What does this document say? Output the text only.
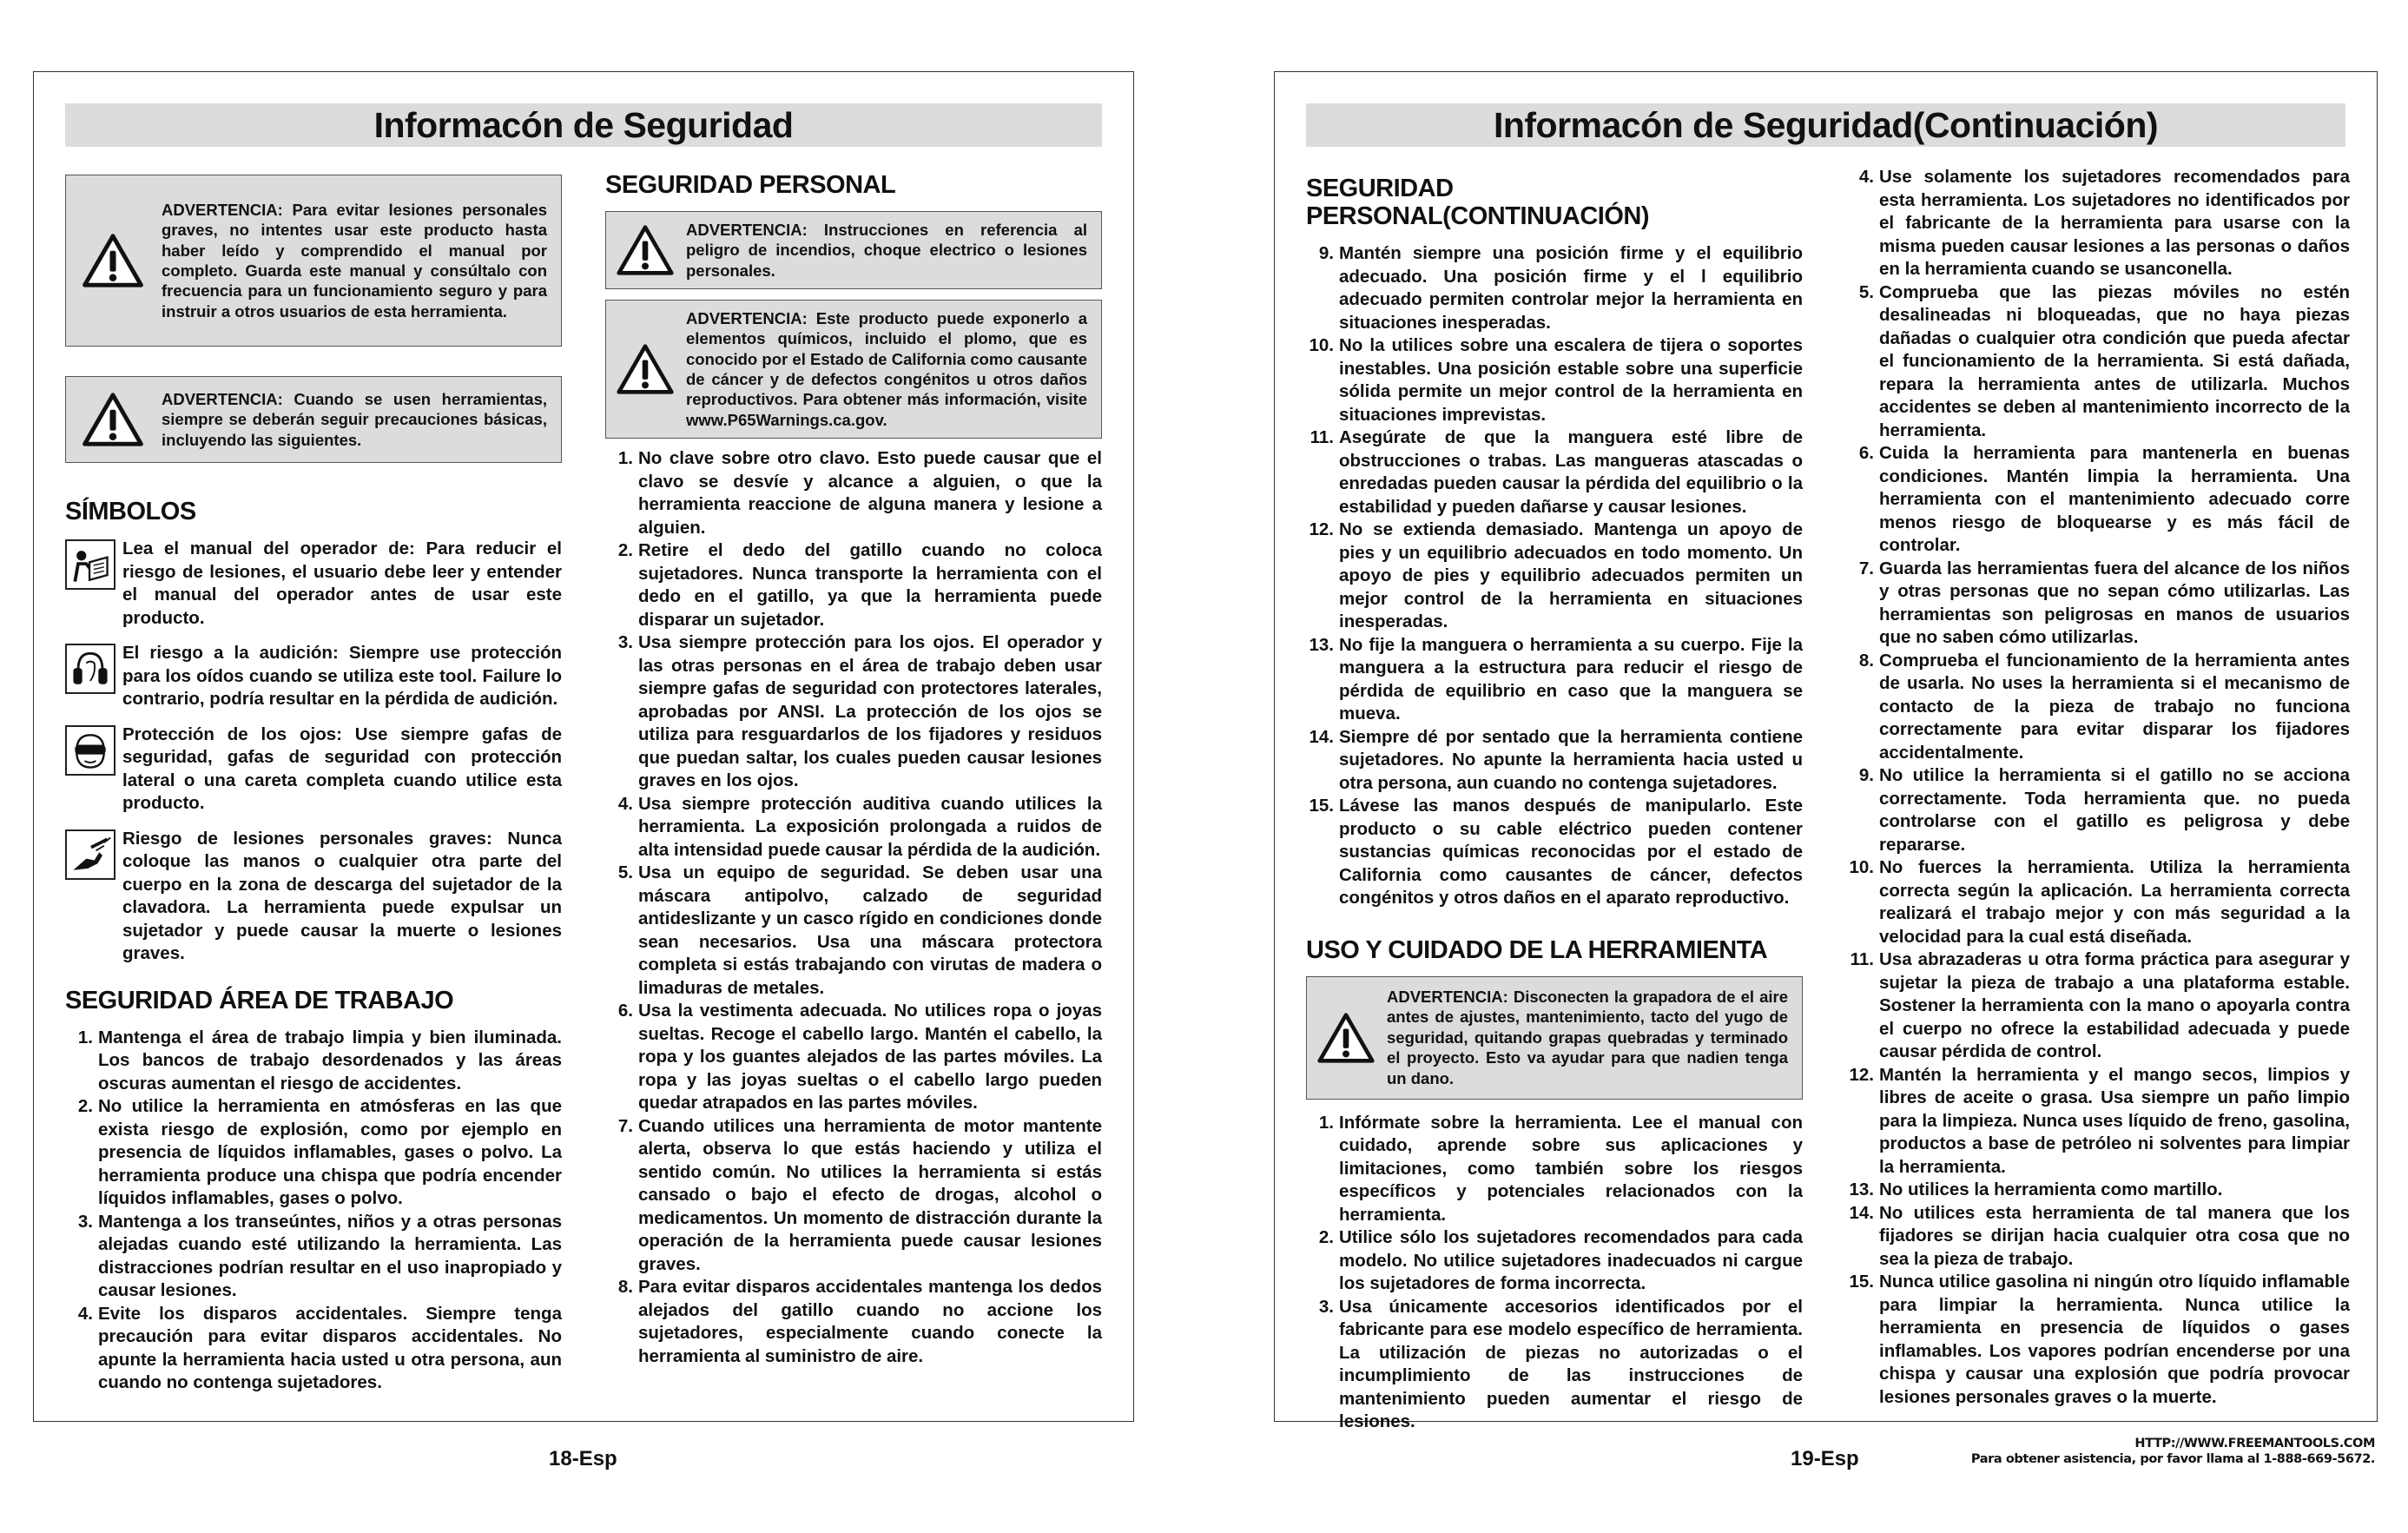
Informacón de Seguridad
ADVERTENCIA: Para evitar lesiones personales graves, no intentes usar este producto hasta haber leído y comprendido el manual por completo. Guarda este manual y consúltalo con frecuencia para un funcionamiento seguro y para instruir a otros usuarios de esta herramienta.
ADVERTENCIA: Cuando se usen herramientas, siempre se deberán seguir precauciones básicas, incluyendo las siguientes.
SÍMBOLOS
Lea el manual del operador de: Para reducir el riesgo de lesiones, el usuario debe leer y entender el manual del operador antes de usar este producto.
El riesgo a la audición: Siempre use protección para los oídos cuando se utiliza este tool. Failure lo contrario, podría resultar en la pérdida de audición.
Protección de los ojos: Use siempre gafas de seguridad, gafas de seguridad con protección lateral o una careta completa cuando utilice esta producto.
Riesgo de lesiones personales graves: Nunca coloque las manos o cualquier otra parte del cuerpo en la zona de descarga del sujetador de la clavadora. La herramienta puede expulsar un sujetador y puede causar la muerte o lesiones graves.
SEGURIDAD ÁREA DE TRABAJO
1. Mantenga el área de trabajo limpia y bien iluminada. Los bancos de trabajo desordenados y las áreas oscuras aumentan el riesgo de accidentes.
2. No utilice la herramienta en atmósferas en las que exista riesgo de explosión, como por ejemplo en presencia de líquidos inflamables, gases o polvo. La herramienta produce una chispa que podría encender líquidos inflamables, gases o polvo.
3. Mantenga a los transeúntes, niños y a otras personas alejadas cuando esté utilizando la herramienta. Las distracciones podrían resultar en el uso inapropiado y causar lesiones.
4. Evite los disparos accidentales. Siempre tenga precaución para evitar disparos accidentales. No apunte la herramienta hacia usted u otra persona, aun cuando no contenga sujetadores.
SEGURIDAD PERSONAL
ADVERTENCIA: Instrucciones en referencia al peligro de incendios, choque electrico o lesiones personales.
ADVERTENCIA: Este producto puede exponerlo a elementos químicos, incluido el plomo, que es conocido por el Estado de California como causante de cáncer y de defectos congénitos u otros daños reproductivos. Para obtener más información, visite www.P65Warnings.ca.gov.
1. No clave sobre otro clavo. Esto puede causar que el clavo se desvíe y alcance a alguien, o que la herramienta reaccione de alguna manera y lesione a alguien.
2. Retire el dedo del gatillo cuando no coloca sujetadores. Nunca transporte la herramienta con el dedo en el gatillo, ya que la herramienta puede disparar un sujetador.
3. Usa siempre protección para los ojos. El operador y las otras personas en el área de trabajo deben usar siempre gafas de seguridad con protectores laterales, aprobadas por ANSI. La protección de los ojos se utiliza para resguardarlos de los fijadores y residuos que puedan saltar, los cuales pueden causar lesiones graves en los ojos.
4. Usa siempre protección auditiva cuando utilices la herramienta. La exposición prolongada a ruidos de alta intensidad puede causar la pérdida de la audición.
5. Usa un equipo de seguridad. Se deben usar una máscara antipolvo, calzado de seguridad antideslizante y un casco rígido en condiciones donde sean necesarios. Usa una máscara protectora completa si estás trabajando con virutas de madera o limaduras de metales.
6. Usa la vestimenta adecuada. No utilices ropa o joyas sueltas. Recoge el cabello largo. Mantén el cabello, la ropa y los guantes alejados de las partes móviles. La ropa y las joyas sueltas o el cabello largo pueden quedar atrapados en las partes móviles.
7. Cuando utilices una herramienta de motor mantente alerta, observa lo que estás haciendo y utiliza el sentido común. No utilices la herramienta si estás cansado o bajo el efecto de drogas, alcohol o medicamentos. Un momento de distracción durante la operación de la herramienta puede causar lesiones graves.
8. Para evitar disparos accidentales mantenga los dedos alejados del gatillo cuando no accione los sujetadores, especialmente cuando conecte la herramienta al suministro de aire.
Informacón de Seguridad(Continuación)
SEGURIDAD PERSONAL(CONTINUACIÓN)
9. Mantén siempre una posición firme y el equilibrio adecuado. Una posición firme y el l equilibrio adecuado permiten controlar mejor la herramienta en situaciones inesperadas.
10. No la utilices sobre una escalera de tijera o soportes inestables. Una posición estable sobre una superficie sólida permite un mejor control de la herramienta en situaciones imprevistas.
11. Asegúrate de que la manguera esté libre de obstrucciones o trabas. Las mangueras atascadas o enredadas pueden causar la pérdida del equilibrio o la estabilidad y pueden dañarse y causar lesiones.
12. No se extienda demasiado. Mantenga un apoyo de pies y un equilibrio adecuados en todo momento. Un apoyo de pies y equilibrio adecuados permiten un mejor control de la herramienta en situaciones inesperadas.
13. No fije la manguera o herramienta a su cuerpo. Fije la manguera a la estructura para reducir el riesgo de pérdida de equilibrio en caso que la manguera se mueva.
14. Siempre dé por sentado que la herramienta contiene sujetadores. No apunte la herramienta hacia usted u otra persona, aun cuando no contenga sujetadores.
15. Lávese las manos después de manipularlo. Este producto o su cable eléctrico pueden contener sustancias químicas reconocidas por el estado de California como causantes de cáncer, defectos congénitos y otros daños en el aparato reproductivo.
USO Y CUIDADO DE LA HERRAMIENTA
ADVERTENCIA: Disconecten la grapadora de el aire antes de ajustes, mantenimiento, tacto del yugo de seguridad, quitando grapas quebradas y terminado el proyecto. Esto va ayudar para que nadien tenga un dano.
1. Infórmate sobre la herramienta. Lee el manual con cuidado, aprende sobre sus aplicaciones y limitaciones, como también sobre los riesgos específicos y potenciales relacionados con la herramienta.
2. Utilice sólo los sujetadores recomendados para cada modelo. No utilice sujetadores inadecuados ni cargue los sujetadores de forma incorrecta.
3. Usa únicamente accesorios identificados por el fabricante para ese modelo específico de herramienta. La utilización de piezas no autorizadas o el incumplimiento de las instrucciones de mantenimiento pueden aumentar el riesgo de lesiones.
4. Use solamente los sujetadores recomendados para esta herramienta. Los sujetadores no identificados por el fabricante de la herramienta para usarse con la misma pueden causar lesiones a las personas o daños en la herramienta cuando se usanconella.
5. Comprueba que las piezas móviles no estén desalineadas ni bloqueadas, que no haya piezas dañadas o cualquier otra condición que pueda afectar el funcionamiento de la herramienta. Si está dañada, repara la herramienta antes de utilizarla. Muchos accidentes se deben al mantenimiento incorrecto de la herramienta.
6. Cuida la herramienta para mantenerla en buenas condiciones. Mantén limpia la herramienta. Una herramienta con el mantenimiento adecuado corre menos riesgo de bloquearse y es más fácil de controlar.
7. Guarda las herramientas fuera del alcance de los niños y otras personas que no sepan cómo utilizarlas. Las herramientas son peligrosas en manos de usuarios que no saben cómo utilizarlas.
8. Comprueba el funcionamiento de la herramienta antes de usarla. No uses la herramienta si el mecanismo de contacto de la pieza de trabajo no funciona correctamente para evitar disparar los fijadores accidentalmente.
9. No utilice la herramienta si el gatillo no se acciona correctamente. Toda herramienta que. no pueda controlarse con el gatillo es peligrosa y debe repararse.
10. No fuerces la herramienta. Utiliza la herramienta correcta según la aplicación. La herramienta correcta realizará el trabajo mejor y con más seguridad a la velocidad para la cual está diseñada.
11. Usa abrazaderas u otra forma práctica para asegurar y sujetar la pieza de trabajo a una plataforma estable. Sostener la herramienta con la mano o apoyarla contra el cuerpo no ofrece la estabilidad adecuada y puede causar pérdida de control.
12. Mantén la herramienta y el mango secos, limpios y libres de aceite o grasa. Usa siempre un paño limpio para la limpieza. Nunca uses líquido de freno, gasolina, productos a base de petróleo ni solventes para limpiar la herramienta.
13. No utilices la herramienta como martillo.
14. No utilices esta herramienta de tal manera que los fijadores se dirijan hacia cualquier otra cosa que no sea la pieza de trabajo.
15. Nunca utilice gasolina ni ningún otro líquido inflamable para limpiar la herramienta. Nunca utilice la herramienta en presencia de líquidos o gases inflamables. Los vapores podrían encenderse por una chispa y causar una explosión que podría provocar lesiones personales graves o la muerte.
18-Esp	19-Esp
HTTP://WWW.FREEMANTOOLS.COM
Para obtener asistencia, por favor llama al 1-888-669-5672.
